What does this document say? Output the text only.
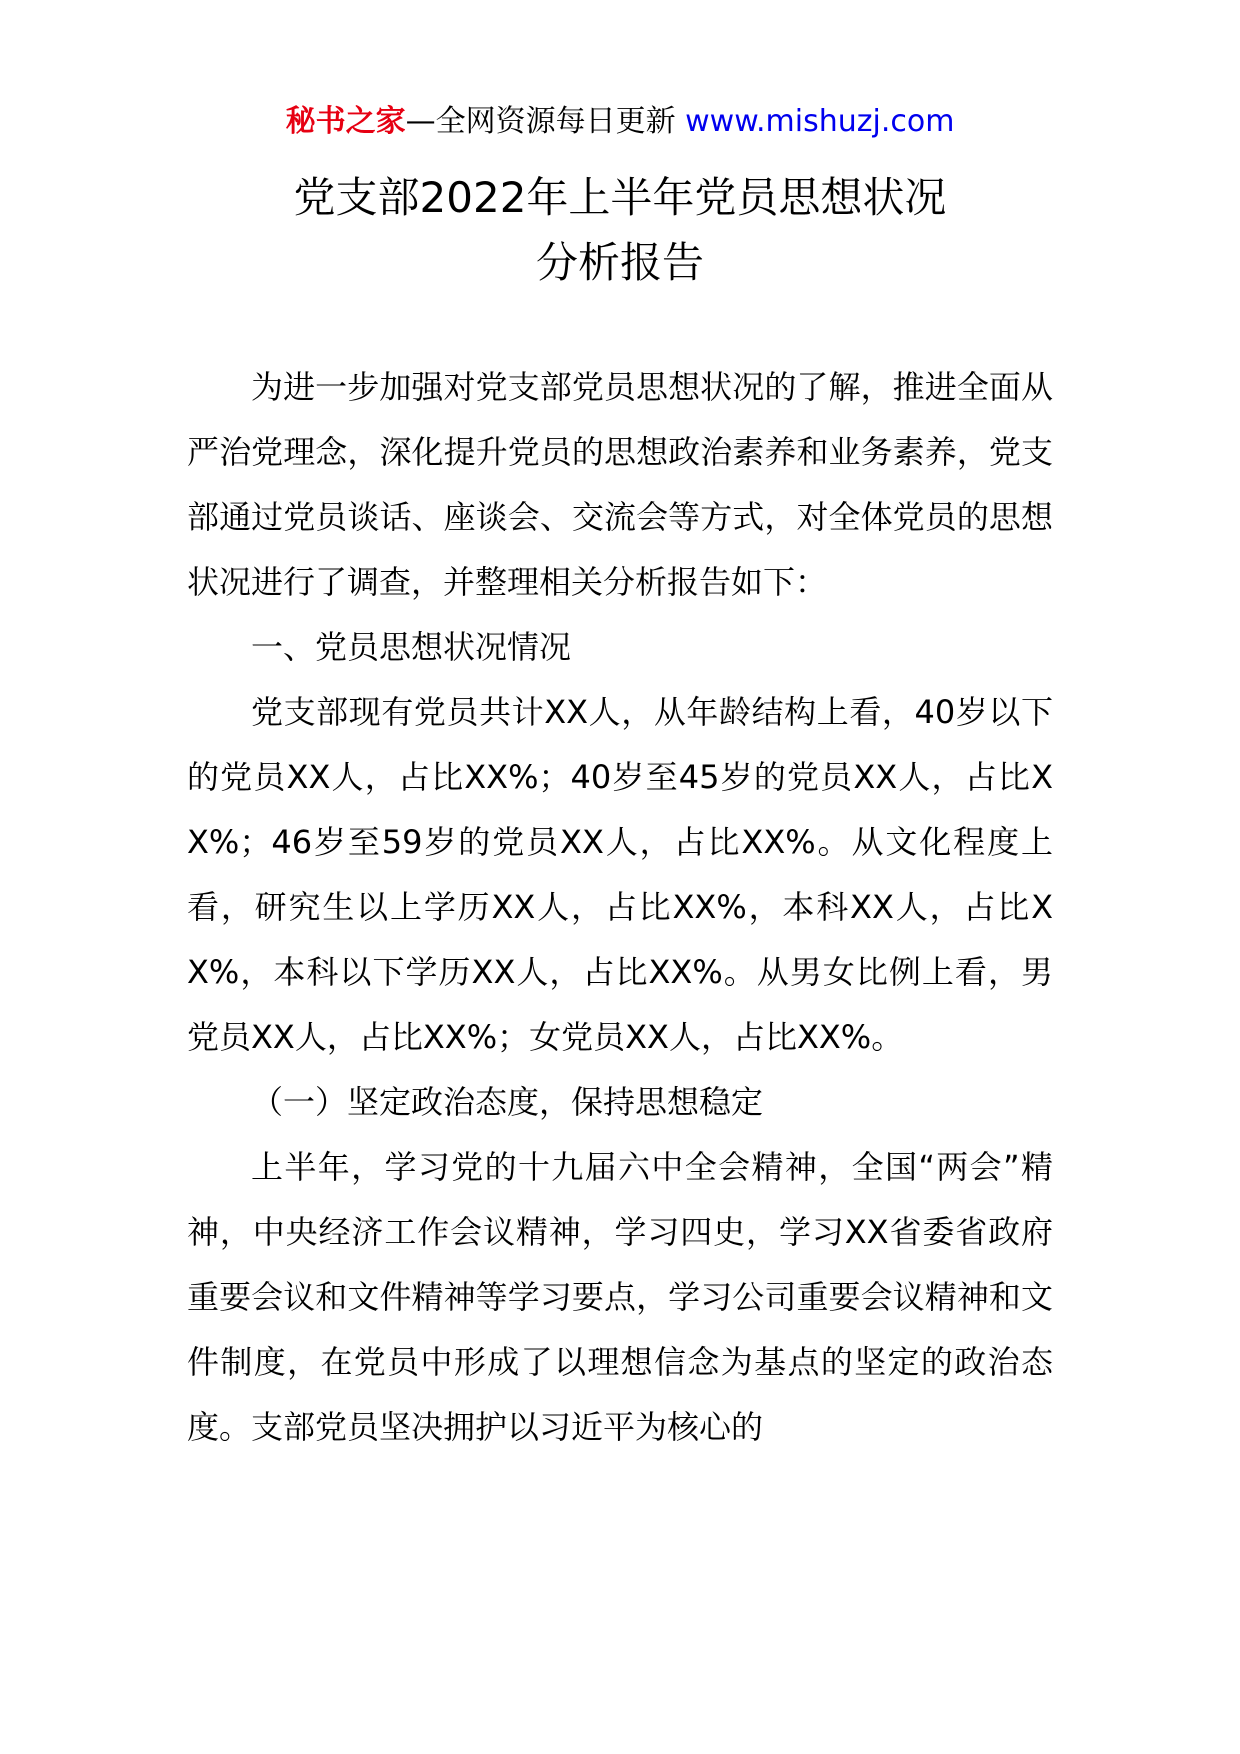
秘书之家—全网资源每日更新 www.mishuzj.com
党支部2022年上半年党员思想状况
分析报告

为进一步加强对党支部党员思想状况的了解，推进全面从严治党理念，深化提升党员的思想政治素养和业务素养，党支部通过党员谈话、座谈会、交流会等方式，对全体党员的思想状况进行了调查，并整理相关分析报告如下：

一、党员思想状况情况

党支部现有党员共计XX人，从年龄结构上看，40岁以下的党员XX人，占比XX%；40岁至45岁的党员XX人，占比XX%；46岁至59岁的党员XX人，占比XX%。从文化程度上看，研究生以上学历XX人，占比XX%，本科XX人，占比XX%，本科以下学历XX人，占比XX%。从男女比例上看，男党员XX人，占比XX%；女党员XX人，占比XX%。

（一）坚定政治态度，保持思想稳定

上半年，学习党的十九届六中全会精神，全国“两会”精神，中央经济工作会议精神，学习四史，学习XX省委省政府重要会议和文件精神等学习要点，学习公司重要会议精神和文件制度，在党员中形成了以理想信念为基点的坚定的政治态度。支部党员坚决拥护以习近平为核心的
